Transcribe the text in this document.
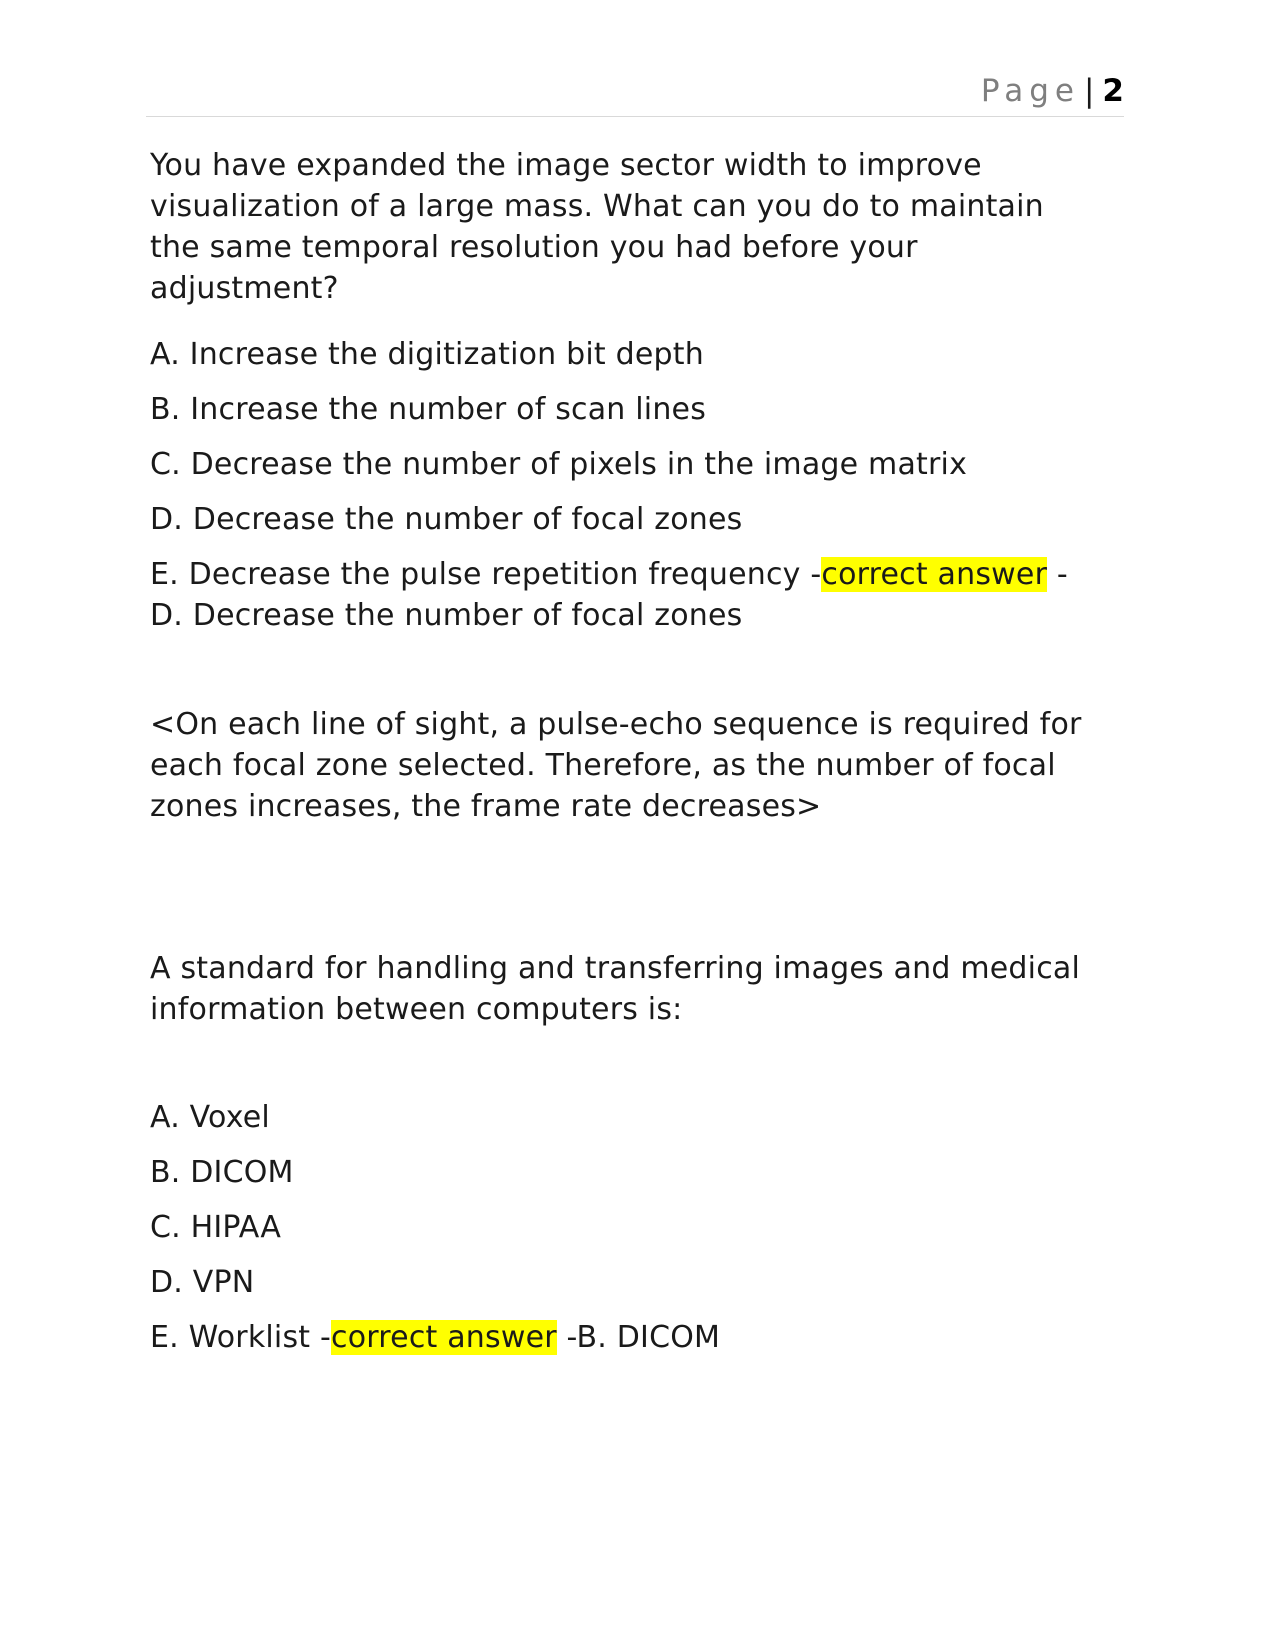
Page | 2
You have expanded the image sector width to improve visualization of a large mass. What can you do to maintain the same temporal resolution you had before your adjustment?
A. Increase the digitization bit depth
B. Increase the number of scan lines
C. Decrease the number of pixels in the image matrix
D. Decrease the number of focal zones
E. Decrease the pulse repetition frequency -correct answer -D. Decrease the number of focal zones
<On each line of sight, a pulse-echo sequence is required for each focal zone selected. Therefore, as the number of focal zones increases, the frame rate decreases>
A standard for handling and transferring images and medical information between computers is:
A. Voxel
B. DICOM
C. HIPAA
D. VPN
E. Worklist -correct answer -B. DICOM
